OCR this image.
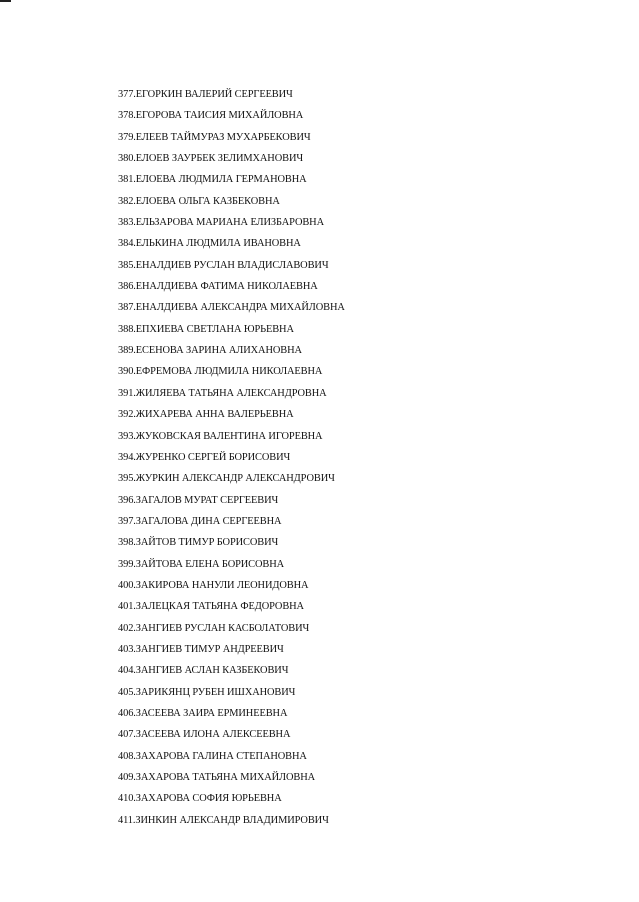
377.ЕГОРКИН ВАЛЕРИЙ СЕРГЕЕВИЧ
378.ЕГОРОВА ТАИСИЯ МИХАЙЛОВНА
379.ЕЛЕЕВ ТАЙМУРАЗ МУХАРБЕКОВИЧ
380.ЕЛОЕВ ЗАУРБЕК ЗЕЛИМХАНОВИЧ
381.ЕЛОЕВА ЛЮДМИЛА ГЕРМАНОВНА
382.ЕЛОЕВА ОЛЬГА КАЗБЕКОВНА
383.ЕЛЬЗАРОВА МАРИАНА ЕЛИЗБАРОВНА
384.ЕЛЬКИНА ЛЮДМИЛА ИВАНОВНА
385.ЕНАЛДИЕВ РУСЛАН ВЛАДИСЛАВОВИЧ
386.ЕНАЛДИЕВА ФАТИМА НИКОЛАЕВНА
387.ЕНАЛДИЕВА АЛЕКСАНДРА МИХАЙЛОВНА
388.ЕПХИЕВА СВЕТЛАНА ЮРЬЕВНА
389.ЕСЕНОВА ЗАРИНА АЛИХАНОВНА
390.ЕФРЕМОВА ЛЮДМИЛА НИКОЛАЕВНА
391.ЖИЛЯЕВА ТАТЬЯНА АЛЕКСАНДРОВНА
392.ЖИХАРЕВА АННА ВАЛЕРЬЕВНА
393.ЖУКОВСКАЯ ВАЛЕНТИНА ИГОРЕВНА
394.ЖУРЕНКО СЕРГЕЙ БОРИСОВИЧ
395.ЖУРКИН АЛЕКСАНДР АЛЕКСАНДРОВИЧ
396.ЗАГАЛОВ МУРАТ СЕРГЕЕВИЧ
397.ЗАГАЛОВА ДИНА СЕРГЕЕВНА
398.ЗАЙТОВ ТИМУР БОРИСОВИЧ
399.ЗАЙТОВА ЕЛЕНА БОРИСОВНА
400.ЗАКИРОВА НАНУЛИ ЛЕОНИДОВНА
401.ЗАЛЕЦКАЯ ТАТЬЯНА ФЕДОРОВНА
402.ЗАНГИЕВ РУСЛАН КАСБОЛАТОВИЧ
403.ЗАНГИЕВ ТИМУР АНДРЕЕВИЧ
404.ЗАНГИЕВ АСЛАН КАЗБЕКОВИЧ
405.ЗАРИКЯНЦ РУБЕН ИШХАНОВИЧ
406.ЗАСЕЕВА ЗАИРА ЕРМИНЕЕВНА
407.ЗАСЕЕВА ИЛОНА АЛЕКСЕЕВНА
408.ЗАХАРОВА ГАЛИНА СТЕПАНОВНА
409.ЗАХАРОВА ТАТЬЯНА МИХАЙЛОВНА
410.ЗАХАРОВА СОФИЯ ЮРЬЕВНА
411.ЗИНКИН АЛЕКСАНДР ВЛАДИМИРОВИЧ
